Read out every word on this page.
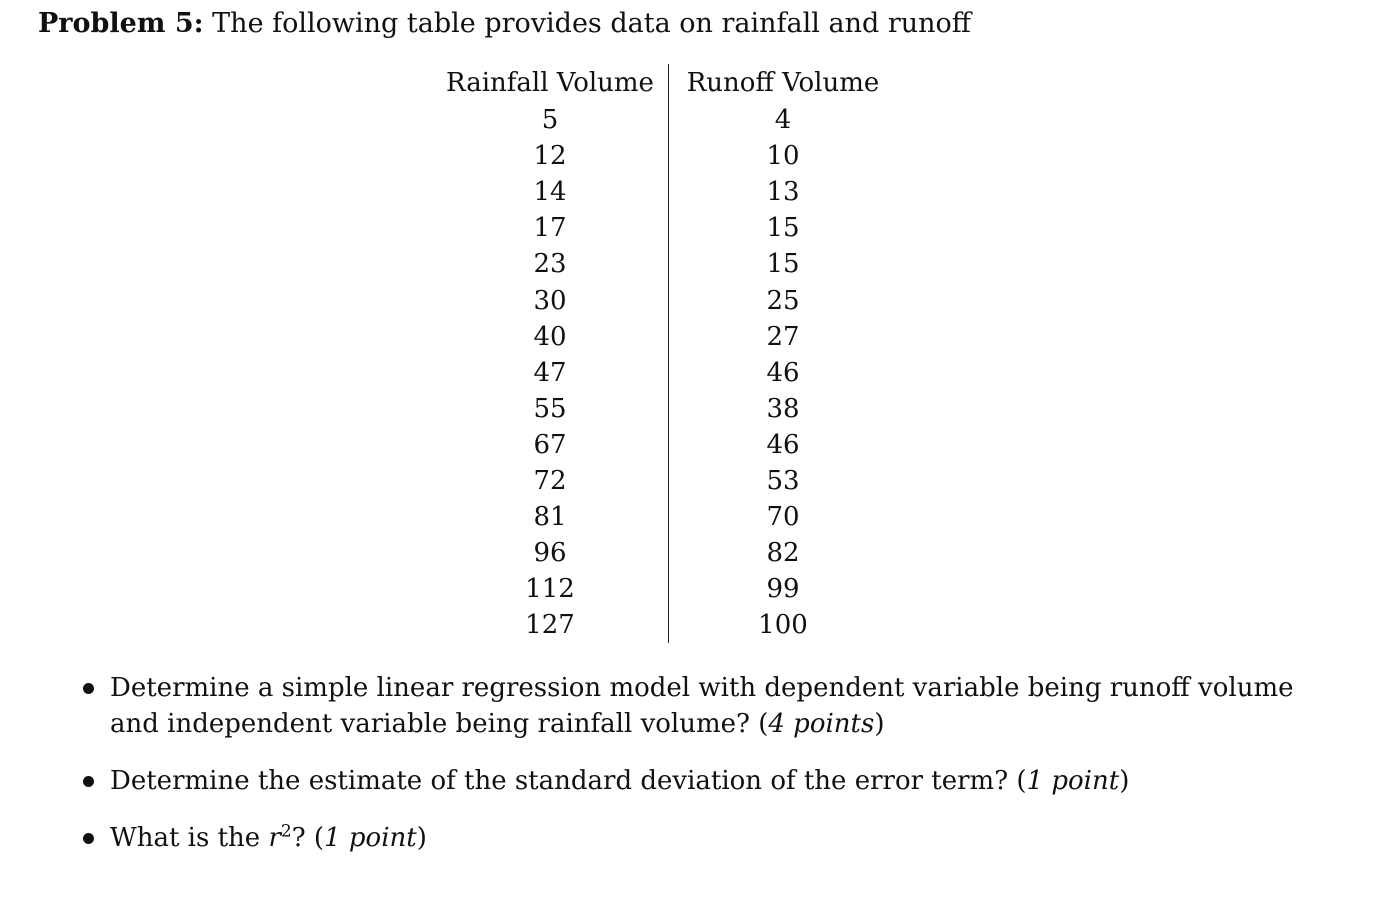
Problem 5: The following table provides data on rainfall and runoff
Rainfall Volume	Runoff Volume
5	4
12	10
14	13
17	15
23	15
30	25
40	27
47	46
55	38
67	46
72	53
81	70
96	82
112	99
127	100
Determine a simple linear regression model with dependent variable being runoff volume and independent variable being rainfall volume? (4 points)
Determine the estimate of the standard deviation of the error term? (1 point)
What is the $r^2$? (1 point)
